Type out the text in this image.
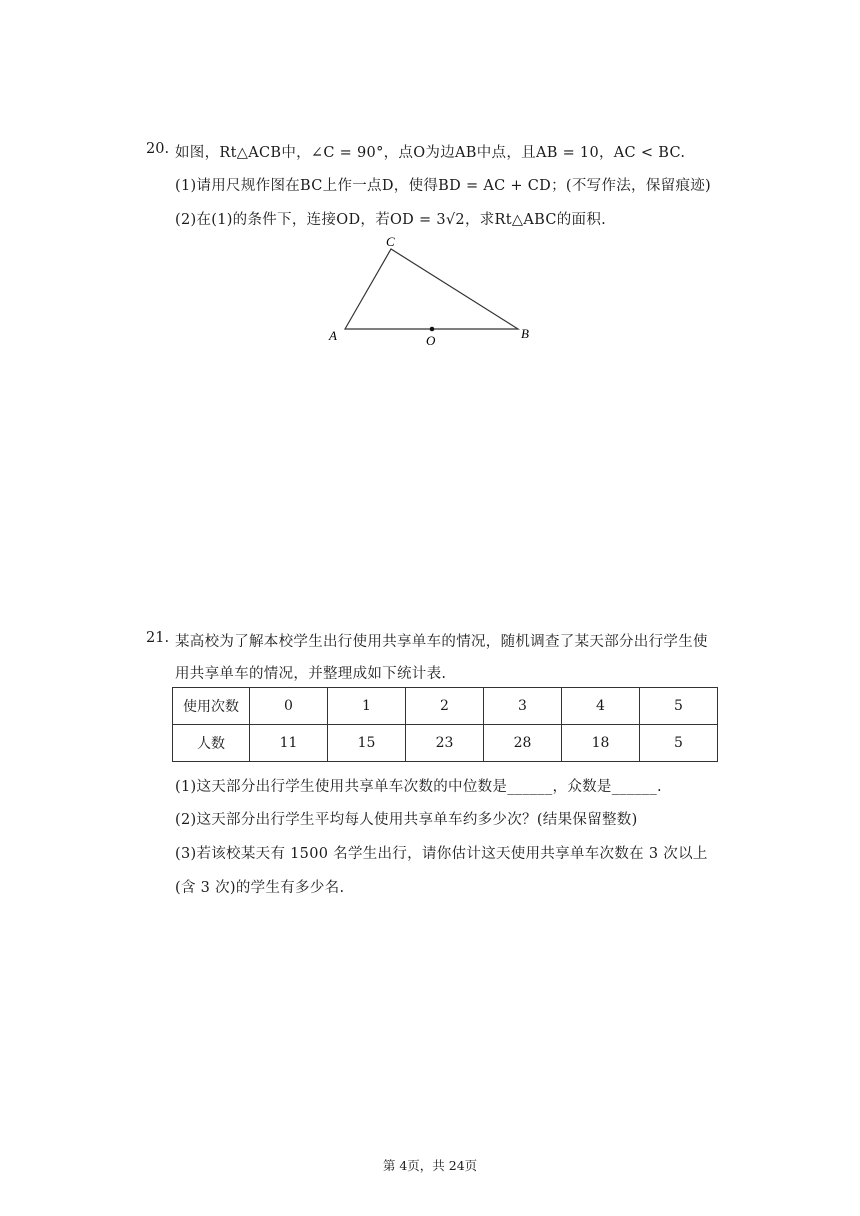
20. 如图，Rt△ACB中，∠C = 90°，点O为边AB中点，且AB = 10，AC < BC.
(1)请用尺规作图在BC上作一点D，使得BD = AC + CD；(不写作法，保留痕迹)
(2)在(1)的条件下，连接OD，若OD = 3√2，求Rt△ABC的面积.
C
A	O	B
21. 某高校为了解本校学生出行使用共享单车的情况，随机调查了某天部分出行学生使
用共享单车的情况，并整理成如下统计表.
使用次数	0	1	2	3	4	5
人数	11	15	23	28	18	5
(1)这天部分出行学生使用共享单车次数的中位数是______，众数是______.
(2)这天部分出行学生平均每人使用共享单车约多少次？(结果保留整数)
(3)若该校某天有 1500 名学生出行，请你估计这天使用共享单车次数在 3 次以上
(含 3 次)的学生有多少名.
第 4页，共 24页
